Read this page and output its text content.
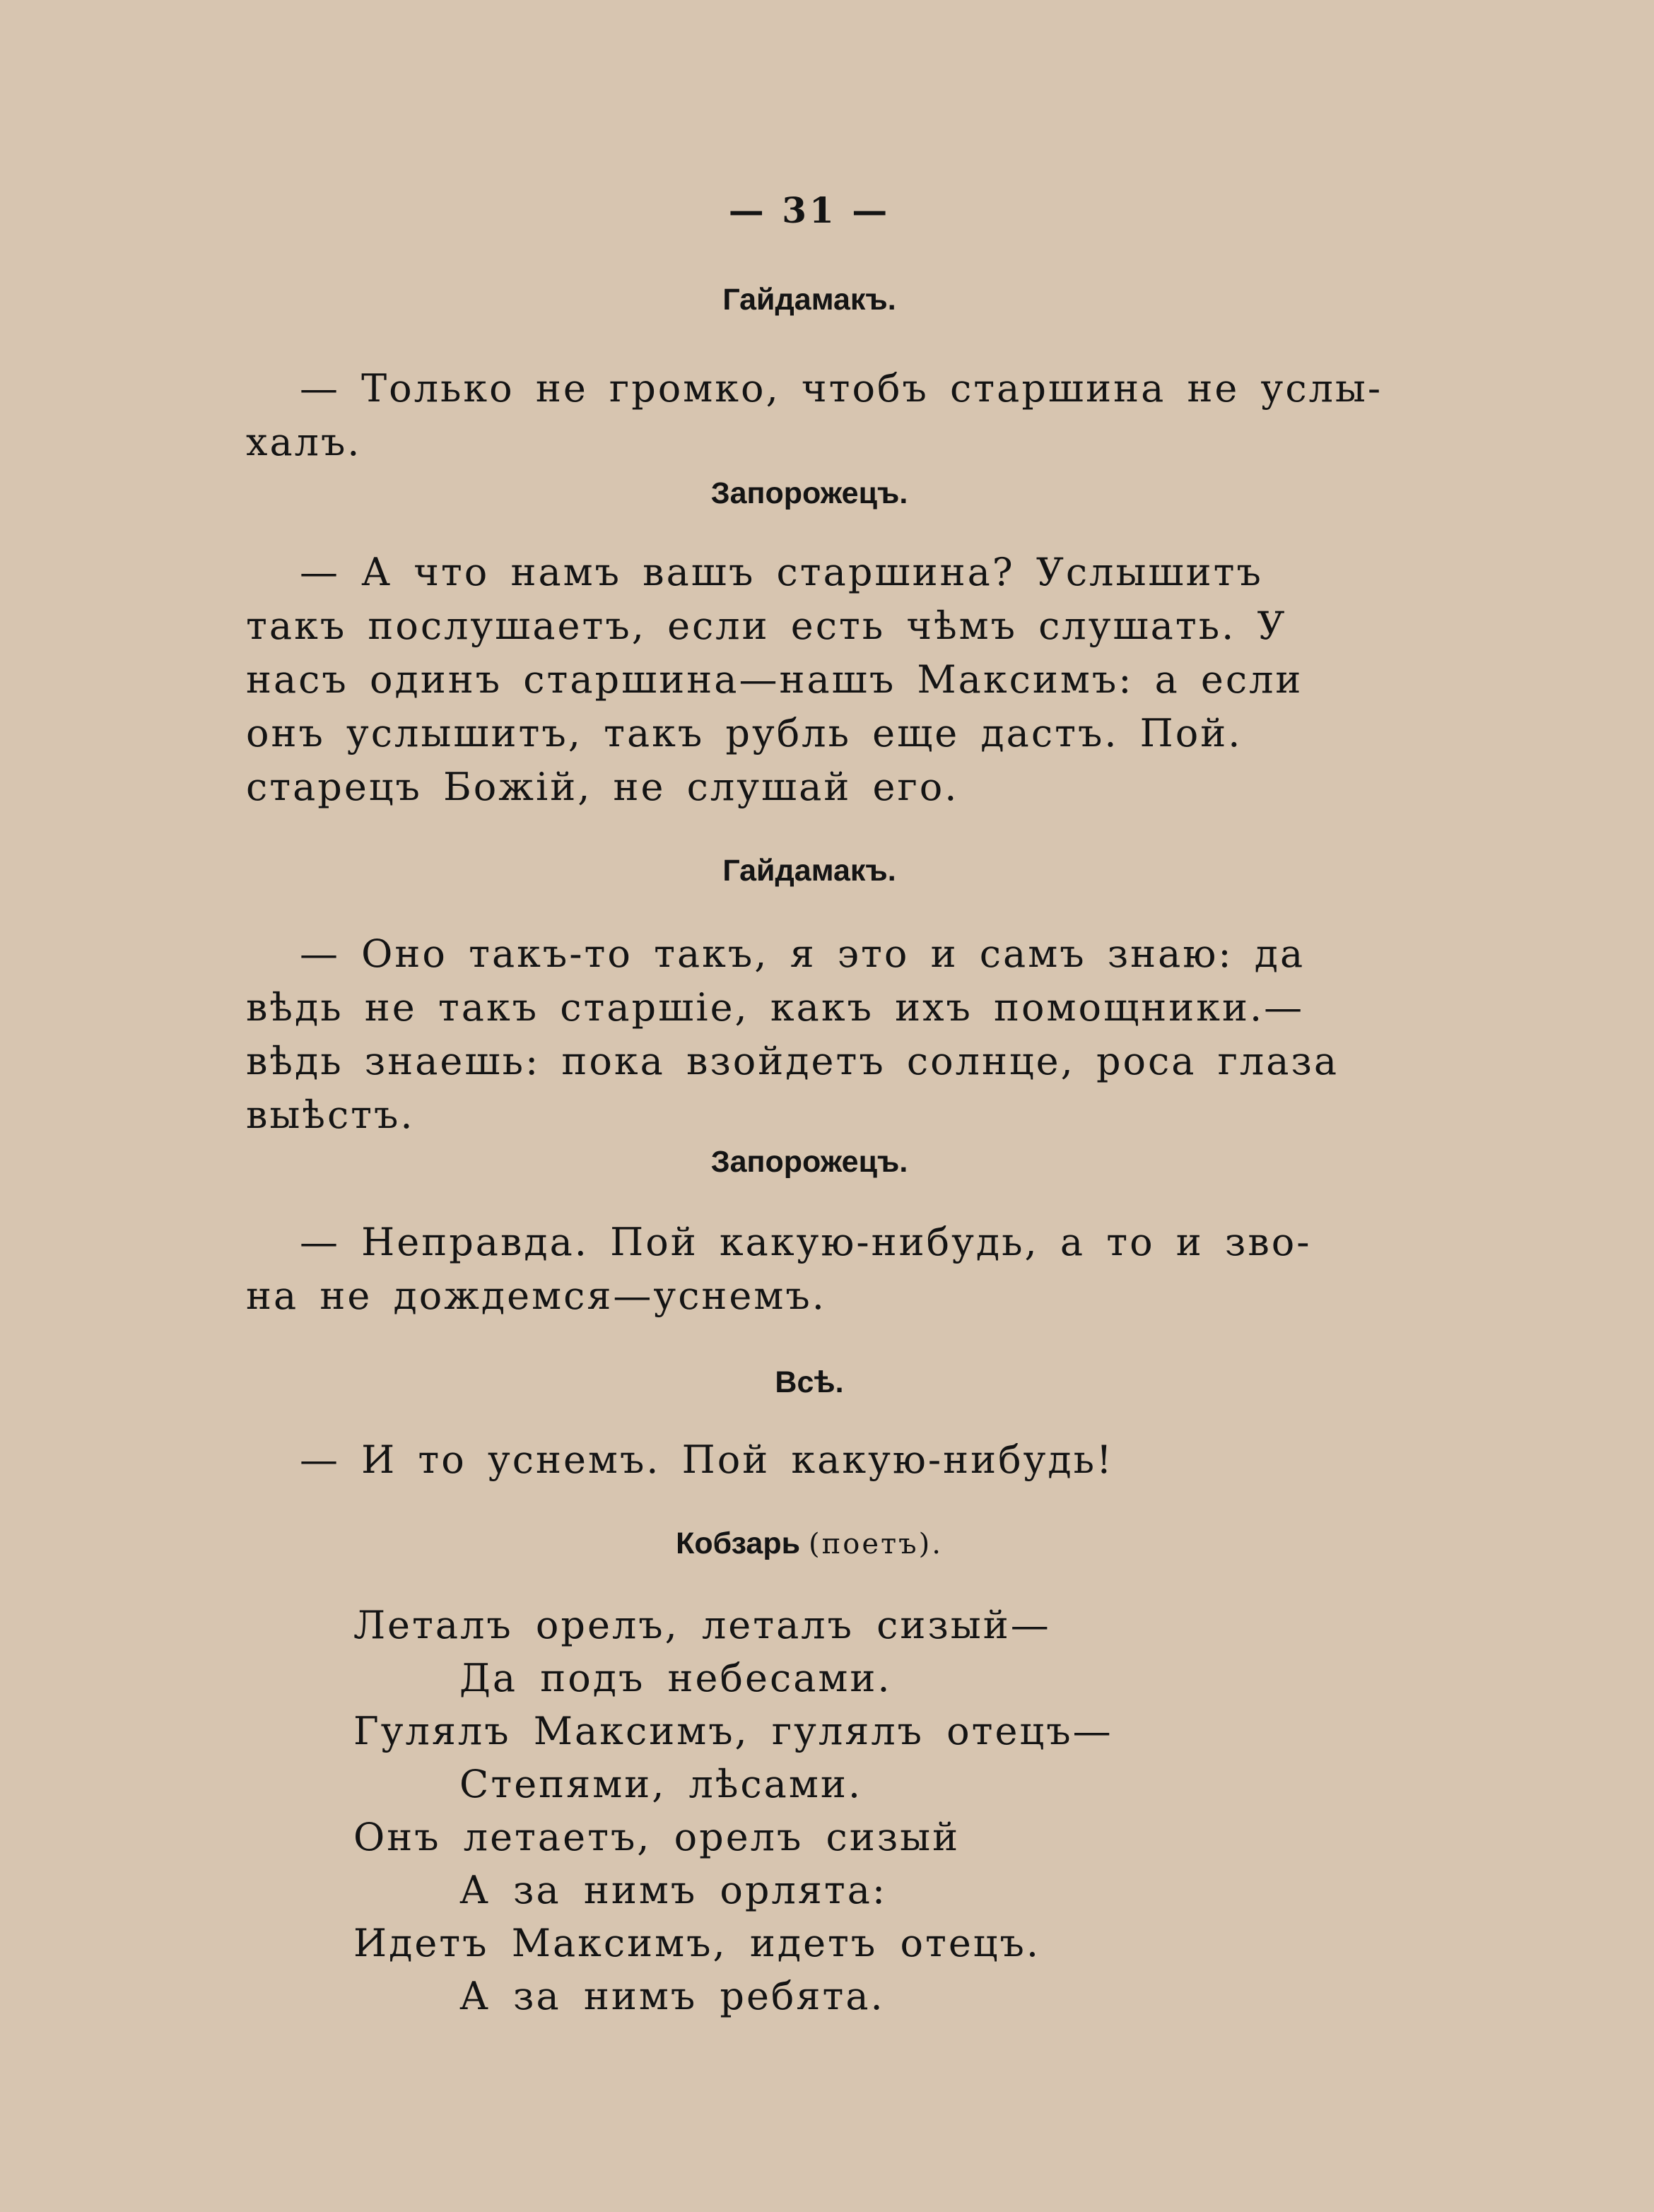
— 31 —
Гайдамакъ.
— Только не громко, чтобъ старшина не услы-
халъ.
Запорожецъ.
— А что намъ вашъ старшина? Услышитъ
такъ послушаетъ, если есть чѣмъ слушать. У
насъ одинъ старшина—нашъ Максимъ: а если
онъ услышитъ, такъ рубль еще дастъ. Пой.
старецъ Божій, не слушай его.
Гайдамакъ.
— Оно такъ-то такъ, я это и самъ знаю: да
вѣдь не такъ старшіе, какъ ихъ помощники.—
вѣдь знаешь: пока взойдетъ солнце, роса глаза
выѣстъ.
Запорожецъ.
— Неправда. Пой какую-нибудь, а то и зво-
на не дождемся—уснемъ.
Всѣ.
— И то уснемъ. Пой какую-нибудь!
Кобзарь (поетъ).
Леталъ орелъ, леталъ сизый—
Да подъ небесами.
Гулялъ Максимъ, гулялъ отецъ—
Степями, лѣсами.
Онъ летаетъ, орелъ сизый
А за нимъ орлята:
Идетъ Максимъ, идетъ отецъ.
А за нимъ ребята.
